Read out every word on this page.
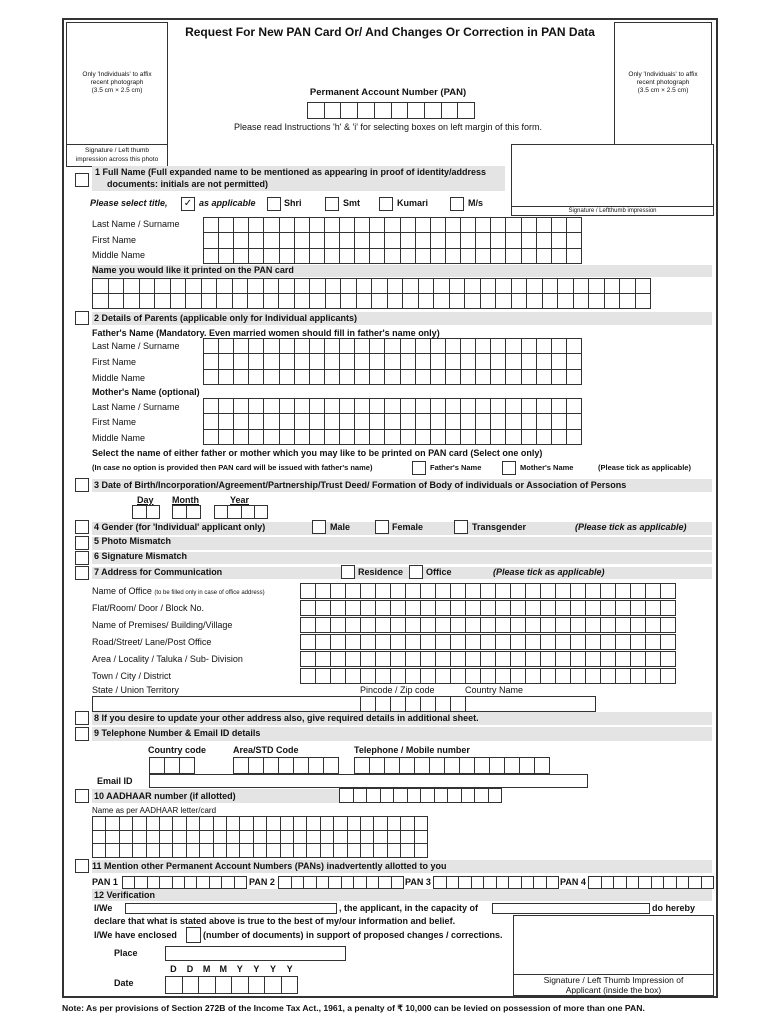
Request For New PAN Card Or/ And Changes Or Correction in PAN Data
Only 'Individuals' to affix
recent photograph
(3.5 cm × 2.5 cm)
Signature / Left thumb
impression across this photo
Only 'Individuals' to affix
recent photograph
(3.5 cm × 2.5 cm)
Permanent Account Number (PAN)
Please read Instructions 'h' & 'i' for selecting boxes on left margin of this form.
Signature / Leftthumb impression
1 Full Name (Full expanded name to be mentioned as appearing in proof of identity/address
documents: initials are not permitted)
Please select title, ✓ as applicable	Shri	Smt	Kumari	M/s
Last Name / Surname
First Name
Middle Name
Name you would like it printed on the PAN card
2 Details of Parents (applicable only for Individual applicants)
Father's Name (Mandatory. Even married women should fill in father's name only)
Last Name / Surname
First Name
Middle Name
Mother's Name (optional)
Last Name / Surname
First Name
Middle Name
Select the name of either father or mother which you may like to be printed on PAN card (Select one only)
(In case no option is provided then PAN card will be issued with father's name)	Father's Name	Mother's Name	(Please tick as applicable)
3 Date of Birth/Incorporation/Agreement/Partnership/Trust Deed/ Formation of Body of individuals or Association of Persons
Day Month	Year
4 Gender (for 'Individual' applicant only)	Male	Female	Transgender	(Please tick as applicable)
5 Photo Mismatch
6 Signature Mismatch
7 Address for Communication	Residence	Office	(Please tick as applicable)
Name of Office (to be filled only in case of office address)
Flat/Room/ Door / Block No.
Name of Premises/ Building/Village
Road/Street/ Lane/Post Office
Area / Locality / Taluka / Sub- Division
Town / City / District
State / Union Territory	Pincode / Zip code	Country Name
8 If you desire to update your other address also, give required details in additional sheet.
9 Telephone Number & Email ID details
Country code	Area/STD Code	Telephone / Mobile number
Email ID
10 AADHAAR number (if allotted)
Name as per AADHAAR letter/card
11 Mention other Permanent Account Numbers (PANs) inadvertently allotted to you
PAN 1	PAN 2	PAN 3	PAN 4
12 Verification
I/We	, the applicant, in the capacity of	do hereby
declare that what is stated above is true to the best of my/our information and belief.
I/We have enclosed	(number of documents) in support of proposed changes / corrections.
Place
D	D	M	M	Y	Y	Y	Y
Date	Signature / Left Thumb Impression of
Applicant (inside the box)
Note: As per provisions of Section 272B of the Income Tax Act., 1961, a penalty of ₹ 10,000 can be levied on possession of more than one PAN.
